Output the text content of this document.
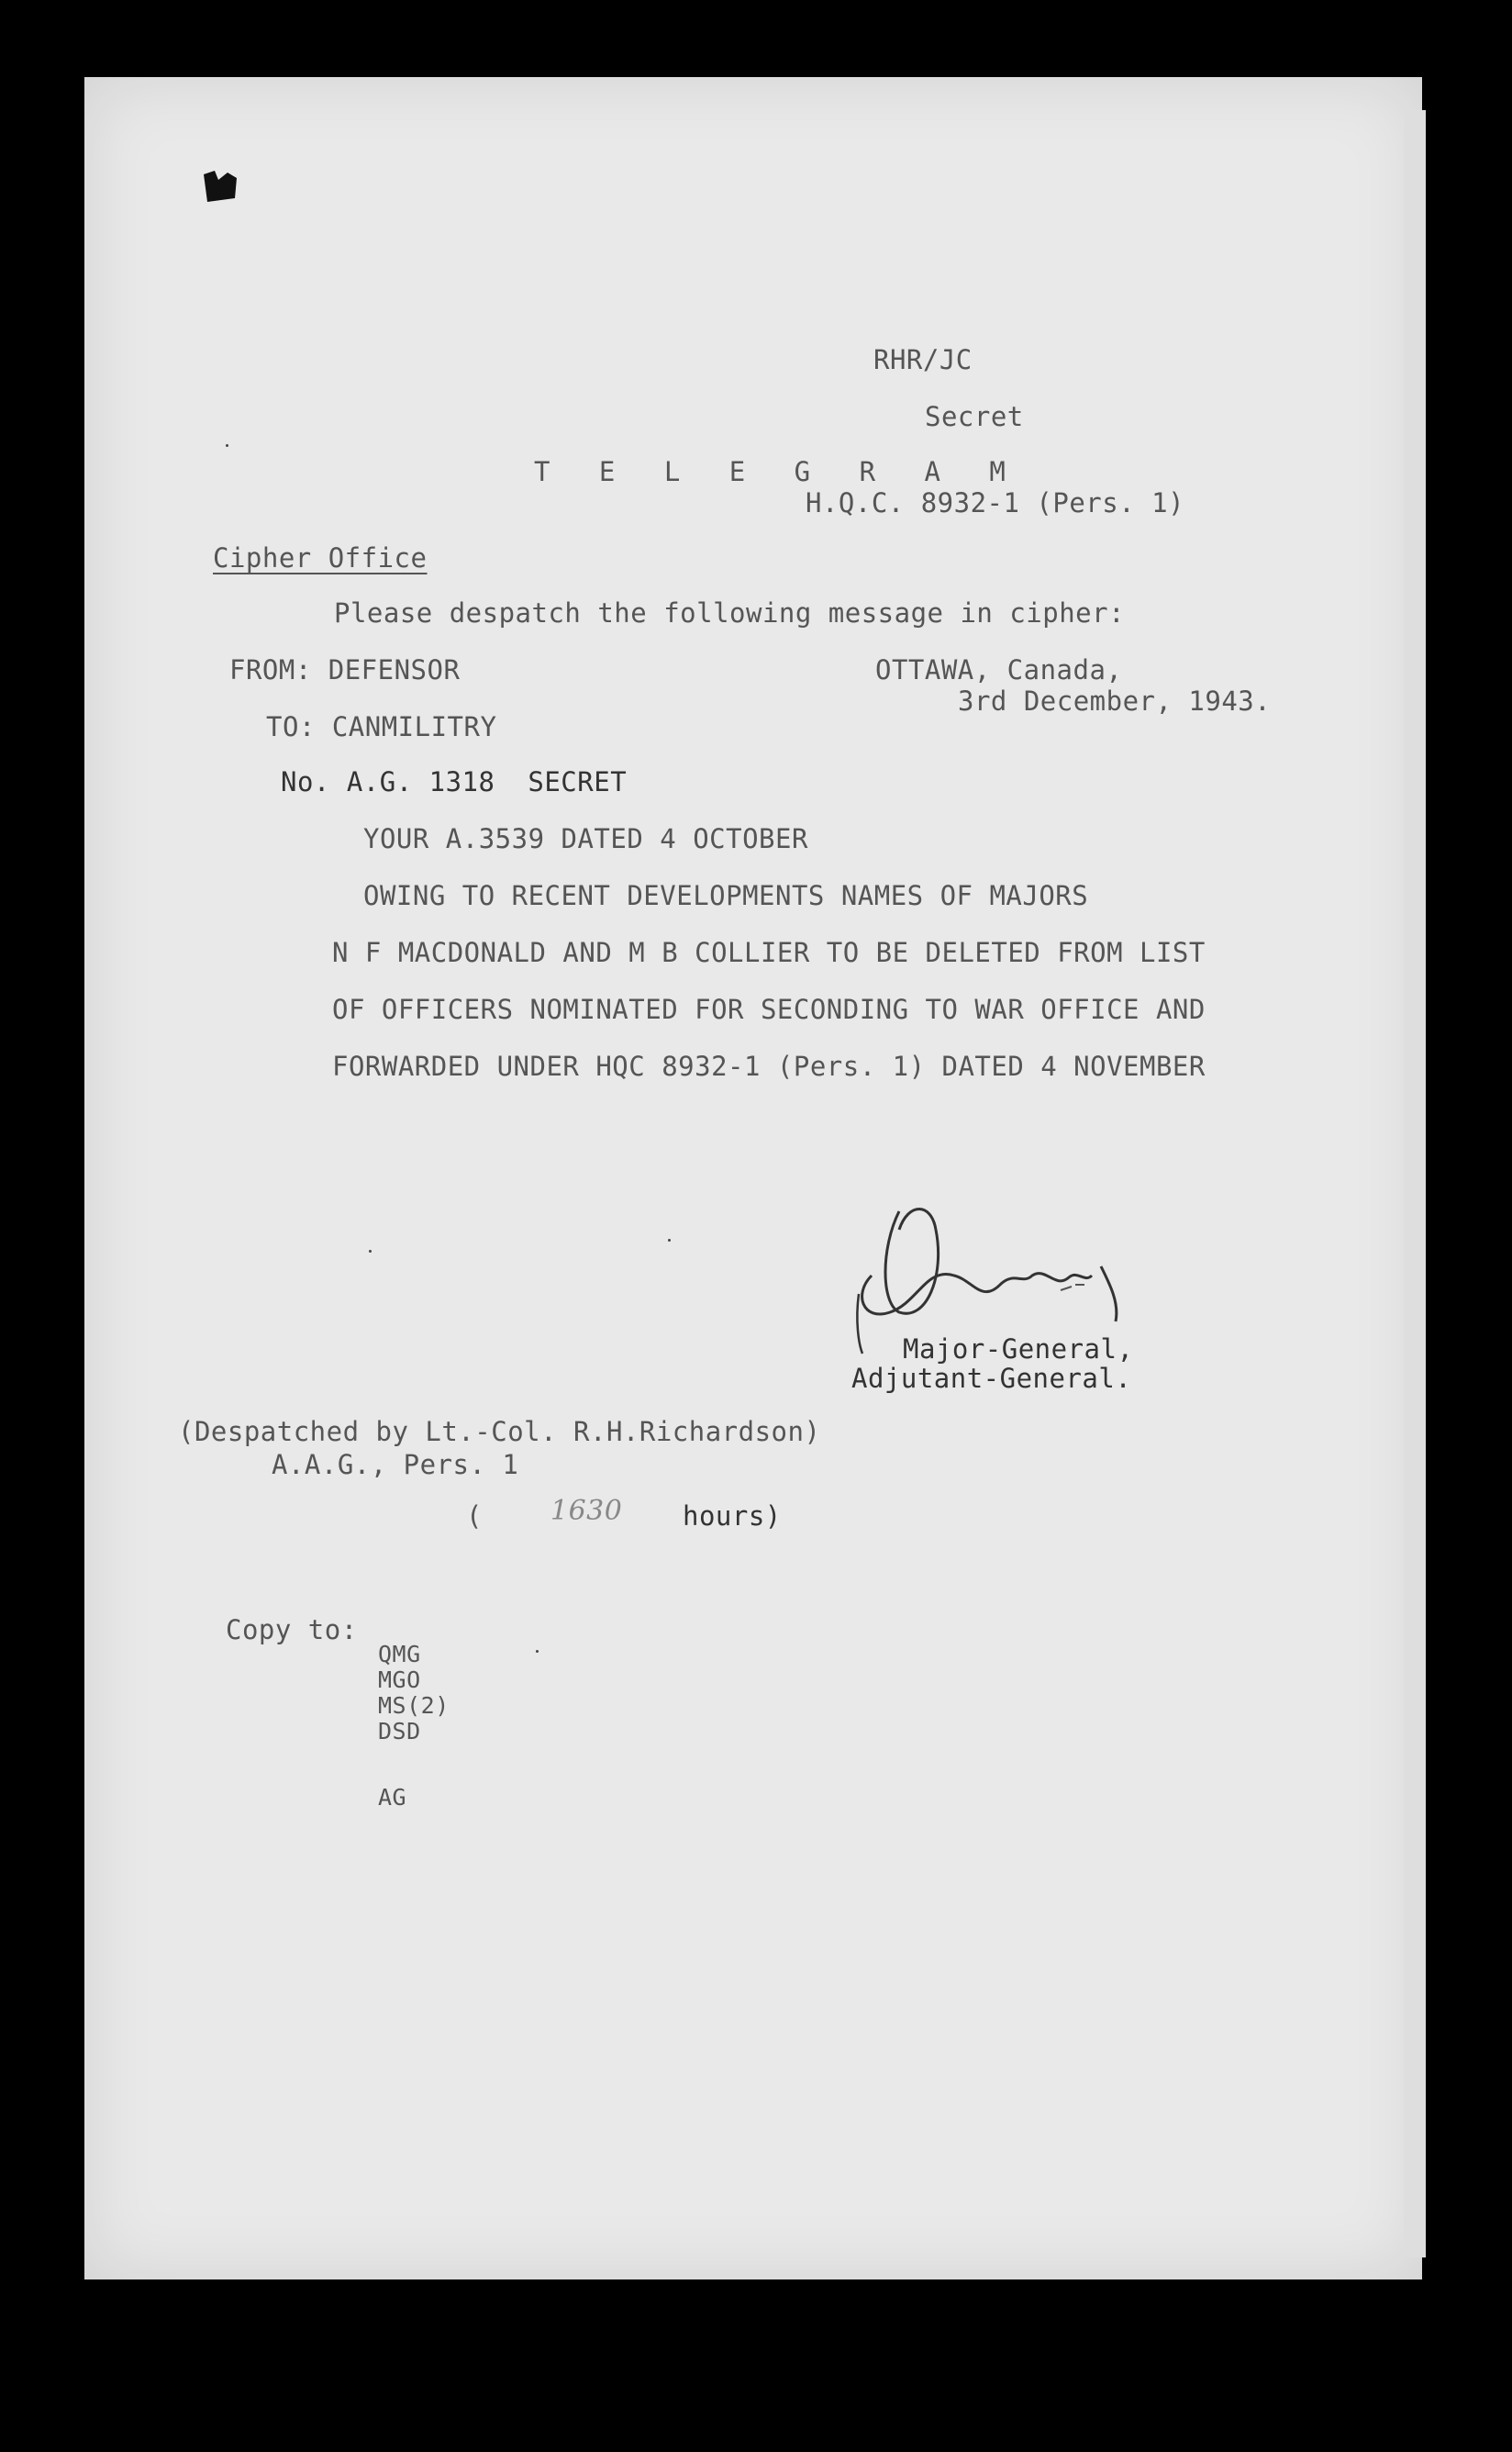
RHR/JC
Secret
T E L E G R A M
H.Q.C. 8932-1 (Pers. 1)
Cipher Office
Please despatch the following message in cipher:
FROM: DEFENSOR	OTTAWA, Canada,
3rd December, 1943.
TO: CANMILITRY
No. A.G. 1318  SECRET
YOUR A.3539 DATED 4 OCTOBER
OWING TO RECENT DEVELOPMENTS NAMES OF MAJORS
N F MACDONALD AND M B COLLIER TO BE DELETED FROM LIST
OF OFFICERS NOMINATED FOR SECONDING TO WAR OFFICE AND
FORWARDED UNDER HQC 8932-1 (Pers. 1) DATED 4 NOVEMBER
Major-General,
Adjutant-General.
(Despatched by Lt.-Col. R.H.Richardson)
A.A.G., Pers. 1
( 1630 hours)
Copy to:
QMG
MGO
MS(2)
DSD
AG
